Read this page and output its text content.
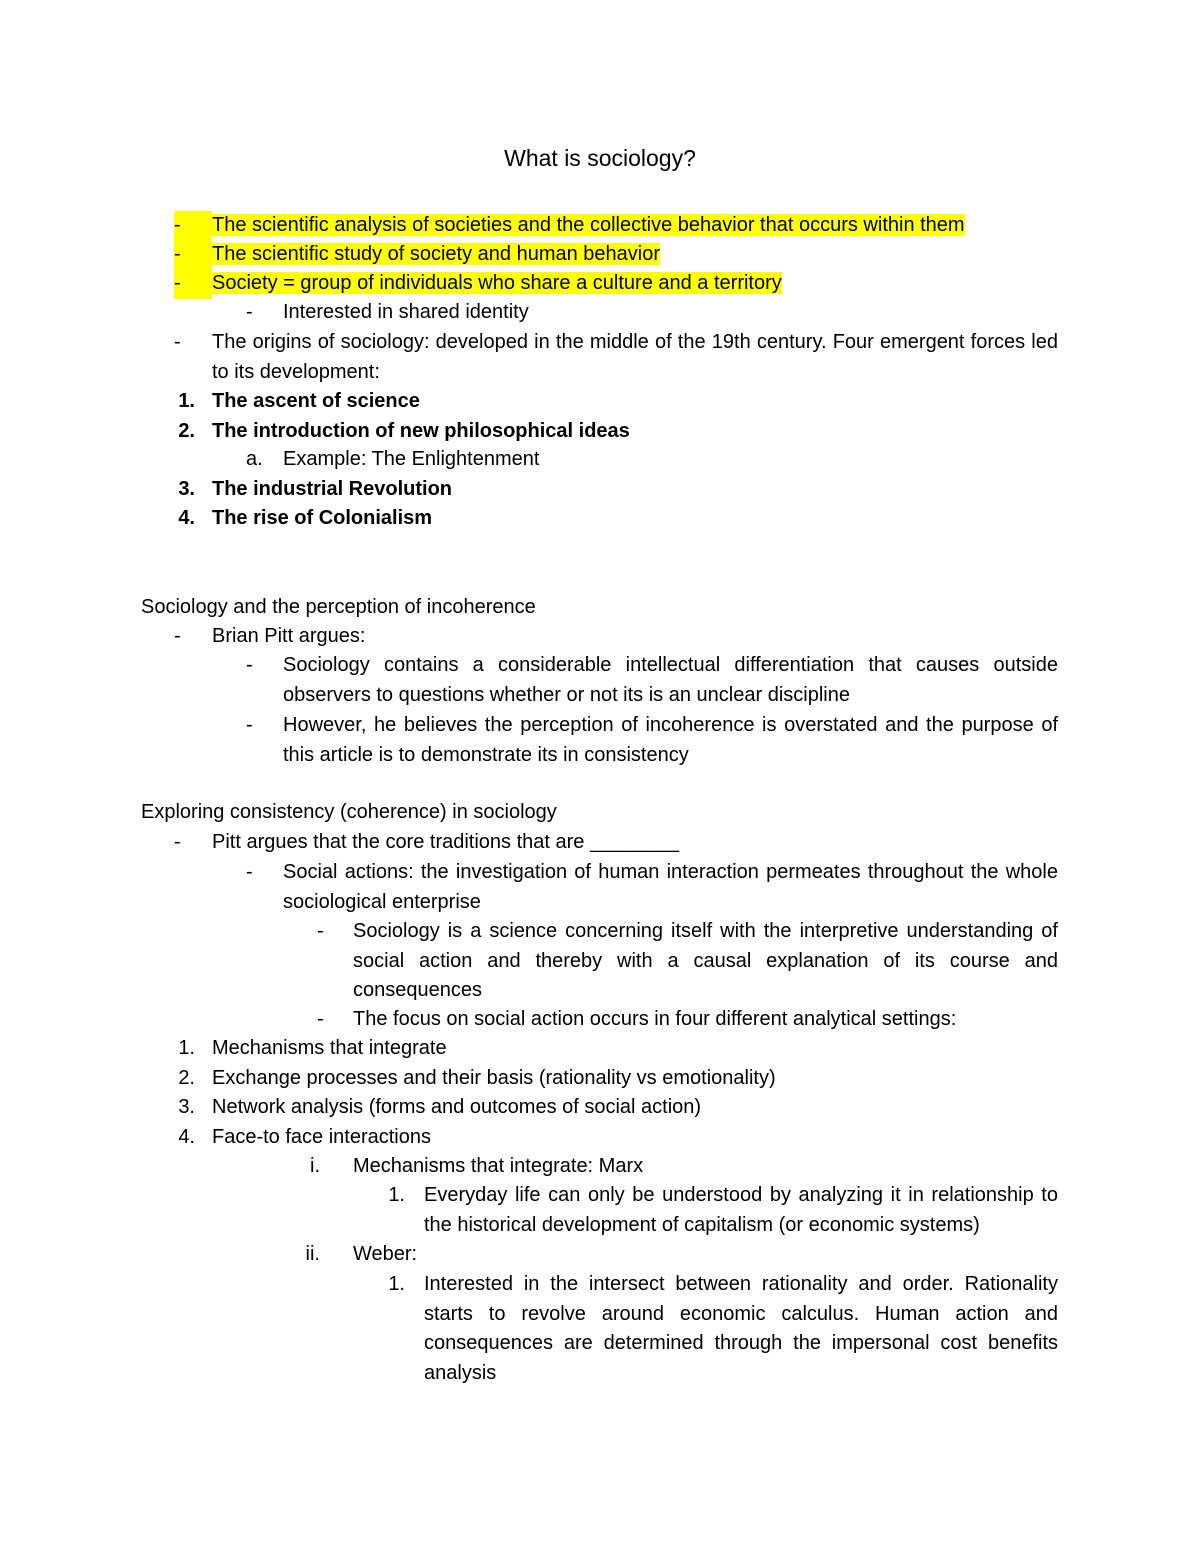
What is sociology?
-	The scientific analysis of societies and the collective behavior that occurs within them
-	The scientific study of society and human behavior
-	Society = group of individuals who share a culture and a territory
- Interested in shared identity
- The origins of sociology: developed in the middle of the 19th century. Four emergent forces led to its development:
1. The ascent of science
2. The introduction of new philosophical ideas
a. Example: The Enlightenment
3. The industrial Revolution
4. The rise of Colonialism
Sociology and the perception of incoherence
- Brian Pitt argues:
- Sociology contains a considerable intellectual differentiation that causes outside observers to questions whether or not its is an unclear discipline
- However, he believes the perception of incoherence is overstated and the purpose of this article is to demonstrate its in consistency
Exploring consistency (coherence) in sociology
- Pitt argues that the core traditions that are ________
- Social actions: the investigation of human interaction permeates throughout the whole sociological enterprise
- Sociology is a science concerning itself with the interpretive understanding of social action and thereby with a causal explanation of its course and consequences
- The focus on social action occurs in four different analytical settings:
1. Mechanisms that integrate
2. Exchange processes and their basis (rationality vs emotionality)
3. Network analysis (forms and outcomes of social action)
4. Face-to face interactions
i. Mechanisms that integrate: Marx
1. Everyday life can only be understood by analyzing it in relationship to the historical development of capitalism (or economic systems)
ii. Weber:
1. Interested in the intersect between rationality and order. Rationality starts to revolve around economic calculus. Human action and consequences are determined through the impersonal cost benefits analysis
